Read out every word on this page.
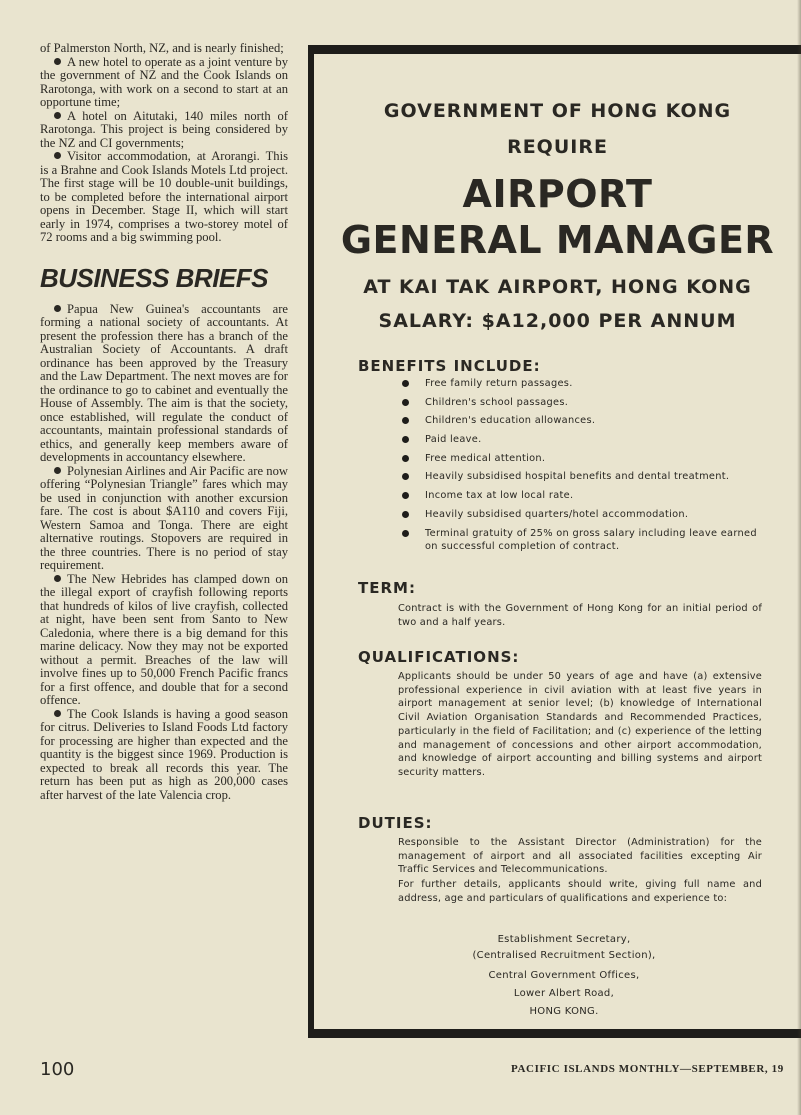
of Palmerston North, NZ, and is nearly finished;

A new hotel to operate as a joint venture by the government of NZ and the Cook Islands on Rarotonga, with work on a second to start at an opportune time;

A hotel on Aitutaki, 140 miles north of Rarotonga. This project is being considered by the NZ and CI governments;

Visitor accommodation, at Arorangi. This is a Brahne and Cook Islands Motels Ltd project. The first stage will be 10 double-unit buildings, to be completed before the international airport opens in December. Stage II, which will start early in 1974, comprises a two-storey motel of 72 rooms and a big swimming pool.

BUSINESS BRIEFS

Papua New Guinea's accountants are forming a national society of accountants. At present the profession there has a branch of the Australian Society of Accountants. A draft ordinance has been approved by the Treasury and the Law Department. The next moves are for the ordinance to go to cabinet and eventually the House of Assembly. The aim is that the society, once established, will regulate the conduct of accountants, maintain professional standards of ethics, and generally keep members aware of developments in accountancy elsewhere.

Polynesian Airlines and Air Pacific are now offering “Polynesian Triangle” fares which may be used in conjunction with another excursion fare. The cost is about $A110 and covers Fiji, Western Samoa and Tonga. There are eight alternative routings. Stopovers are required in the three countries. There is no period of stay requirement.

The New Hebrides has clamped down on the illegal export of crayfish following reports that hundreds of kilos of live crayfish, collected at night, have been sent from Santo to New Caledonia, where there is a big demand for this marine delicacy. Now they may not be exported without a permit. Breaches of the law will involve fines up to 50,000 French Pacific francs for a first offence, and double that for a second offence.

The Cook Islands is having a good season for citrus. Deliveries to Island Foods Ltd factory for processing are higher than expected and the quantity is the biggest since 1969. Production is expected to break all records this year. The return has been put as high as 200,000 cases after harvest of the late Valencia crop.

GOVERNMENT OF HONG KONG
REQUIRE
AIRPORT
GENERAL MANAGER
AT KAI TAK AIRPORT, HONG KONG
SALARY: $A12,000 PER ANNUM
BENEFITS INCLUDE:
Free family return passages.
Children's school passages.
Children's education allowances.
Paid leave.
Free medical attention.
Heavily subsidised hospital benefits and dental treatment.
Income tax at low local rate.
Heavily subsidised quarters/hotel accommodation.
Terminal gratuity of 25% on gross salary including leave earned on successful completion of contract.
TERM:

Contract is with the Government of Hong Kong for an initial period of two and a half years.

QUALIFICATIONS:

Applicants should be under 50 years of age and have (a) extensive professional experience in civil aviation with at least five years in airport management at senior level; (b) knowledge of International Civil Aviation Organisation Standards and Recommended Practices, particularly in the field of Facilitation; and (c) experience of the letting and management of concessions and other airport accommodation, and knowledge of airport accounting and billing systems and airport security matters.

DUTIES:

Responsible to the Assistant Director (Administration) for the management of airport and all associated facilities excepting Air Traffic Services and Telecommunications.

For further details, applicants should write, giving full name and address, age and particulars of qualifications and experience to:

Establishment Secretary,
(Centralised Recruitment Section),
Central Government Offices,
Lower Albert Road,
HONG KONG.
100	PACIFIC ISLANDS MONTHLY—SEPTEMBER, 19
